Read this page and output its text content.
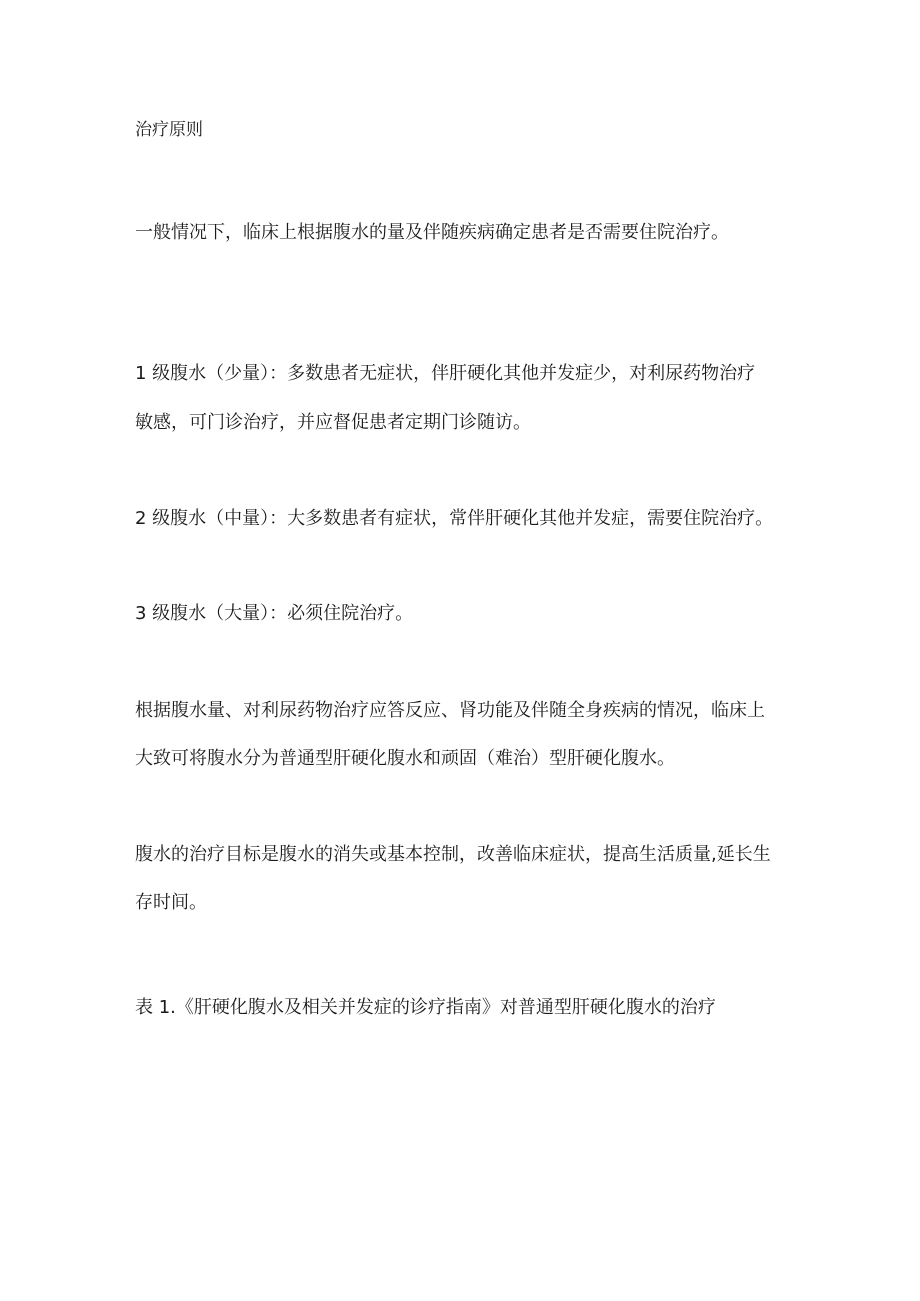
治疗原则

一般情况下，临床上根据腹水的量及伴随疾病确定患者是否需要住院治疗。

1 级腹水（少量）：多数患者无症状，伴肝硬化其他并发症少，对利尿药物治疗

敏感，可门诊治疗，并应督促患者定期门诊随访。

2 级腹水（中量）：大多数患者有症状，常伴肝硬化其他并发症，需要住院治疗。

3 级腹水（大量）：必须住院治疗。

根据腹水量、对利尿药物治疗应答反应、肾功能及伴随全身疾病的情况，临床上

大致可将腹水分为普通型肝硬化腹水和顽固（难治）型肝硬化腹水。

腹水的治疗目标是腹水的消失或基本控制，改善临床症状，提高生活质量,延长生

存时间。

表 1.《肝硬化腹水及相关并发症的诊疗指南》对普通型肝硬化腹水的治疗
